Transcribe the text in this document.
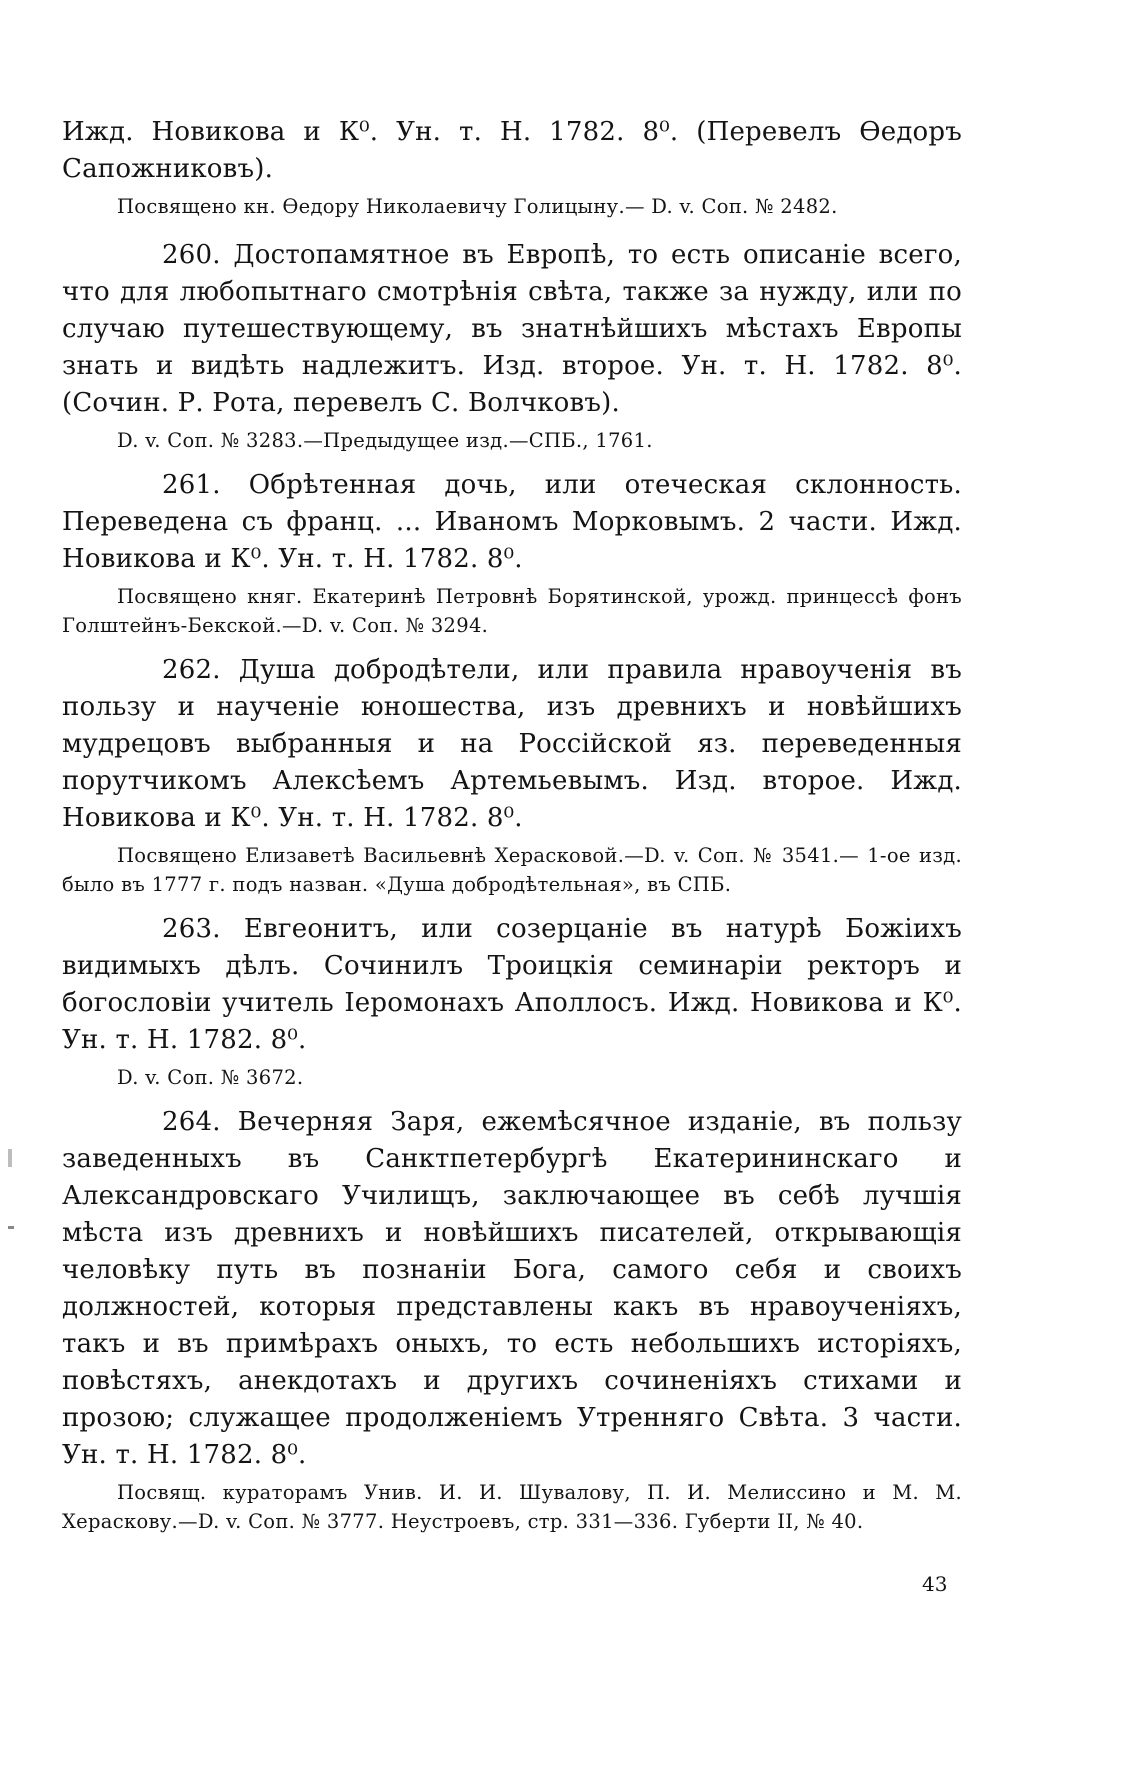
Ижд. Новикова и К⁰. Ун. т. Н. 1782. 8⁰. (Перевелъ Өедоръ Сапожниковъ).

Посвящено кн. Өедору Николаевичу Голицыну.— D. v. Соп. № 2482.

260. Достопамятное въ Европѣ, то есть описаніе всего, что для любопытнаго смотрѣнія свѣта, также за нужду, или по случаю путешествующему, въ знатнѣйшихъ мѣстахъ Европы знать и видѣть надлежитъ. Изд. второе. Ун. т. Н. 1782. 8⁰. (Сочин. Р. Рота, перевелъ С. Волчковъ).

D. v. Соп. № 3283.—Предыдущее изд.—СПБ., 1761.

261. Обрѣтенная дочь, или отеческая склонность. Переведена съ франц. ... Иваномъ Морковымъ. 2 части. Ижд. Новикова и К⁰. Ун. т. Н. 1782. 8⁰.

Посвящено княг. Екатеринѣ Петровнѣ Борятинской, урожд. принцессѣ фонъ Голштейнъ-Бекской.—D. v. Соп. № 3294.

262. Душа добродѣтели, или правила нравоученія въ пользу и наученіе юношества, изъ древнихъ и новѣйшихъ мудрецовъ выбранныя и на Россійской яз. переведенныя порутчикомъ Алексѣемъ Артемьевымъ. Изд. второе. Ижд. Новикова и К⁰. Ун. т. Н. 1782. 8⁰.

Посвящено Елизаветѣ Васильевнѣ Херасковой.—D. v. Соп. № 3541.— 1-ое изд. было въ 1777 г. подъ назван. «Душа добродѣтельная», въ СПБ.

263. Евгеонитъ, или созерцаніе въ натурѣ Божіихъ видимыхъ дѣлъ. Сочинилъ Троицкія семинаріи ректоръ и богословіи учитель Іеромонахъ Аполлосъ. Ижд. Новикова и К⁰. Ун. т. Н. 1782. 8⁰.

D. v. Соп. № 3672.

264. Вечерняя Заря, ежемѣсячное изданіе, въ пользу заведенныхъ въ Санктпетербургѣ Екатерининскаго и Александровскаго Училищъ, заключающее въ себѣ лучшія мѣста изъ древнихъ и новѣйшихъ писателей, открывающія человѣку путь въ познаніи Бога, самого себя и своихъ должностей, которыя представлены какъ въ нравоученіяхъ, такъ и въ примѣрахъ оныхъ, то есть небольшихъ исторіяхъ, повѣстяхъ, анекдотахъ и другихъ сочиненіяхъ стихами и прозою; служащее продолженіемъ Утренняго Свѣта. 3 части. Ун. т. Н. 1782. 8⁰.

Посвящ. кураторамъ Унив. И. И. Шувалову, П. И. Мелиссино и М. М. Хераскову.—D. v. Соп. № 3777. Неустроевъ, стр. 331—336. Губерти II, № 40.

43
